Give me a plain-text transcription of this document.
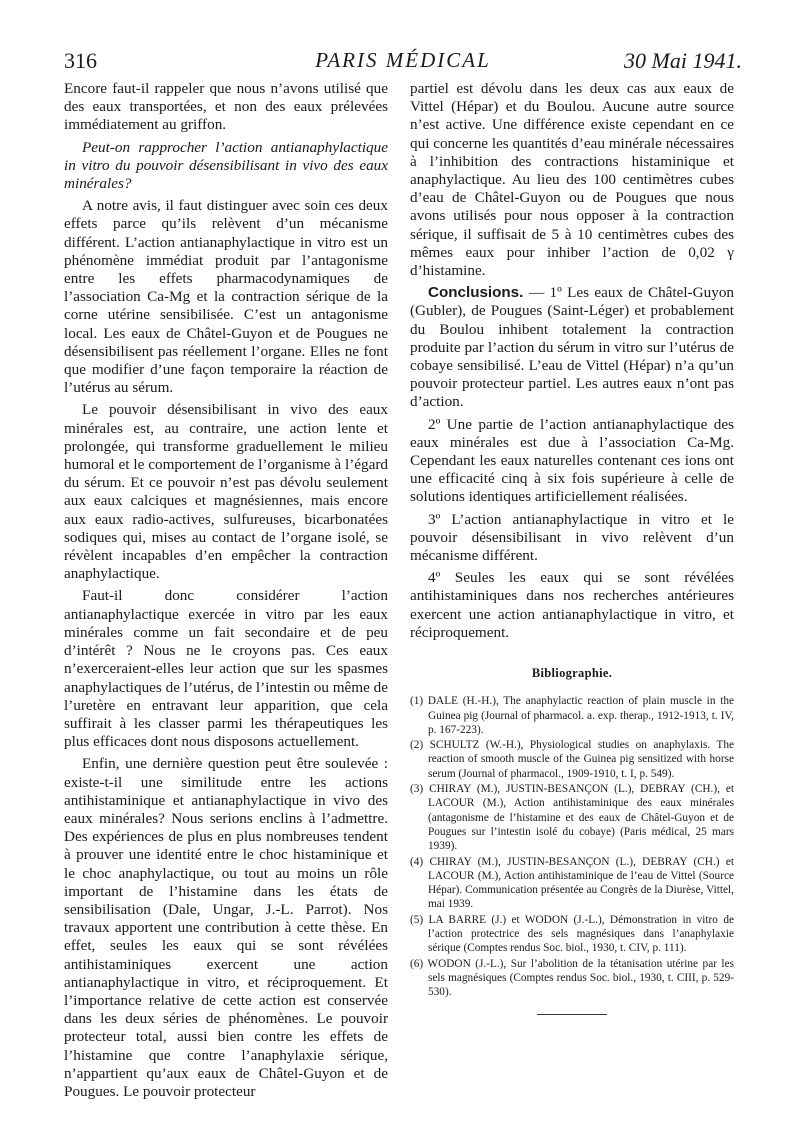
316	PARIS MÉDICAL	30 Mai 1941.

Encore faut-il rappeler que nous n’avons utilisé que des eaux transportées, et non des eaux prélevées immédiatement au griffon.

Peut-on rapprocher l’action antianaphylactique in vitro du pouvoir désensibilisant in vivo des eaux minérales?

A notre avis, il faut distinguer avec soin ces deux effets parce qu’ils relèvent d’un mécanisme différent. L’action antianaphylactique in vitro est un phénomène immédiat produit par l’antagonisme entre les effets pharmacodynamiques de l’association Ca-Mg et la contraction sérique de la corne utérine sensibilisée. C’est un antagonisme local. Les eaux de Châtel-Guyon et de Pougues ne désensibilisent pas réellement l’organe. Elles ne font que modifier d’une façon temporaire la réaction de l’utérus au sérum.

Le pouvoir désensibilisant in vivo des eaux minérales est, au contraire, une action lente et prolongée, qui transforme graduellement le milieu humoral et le comportement de l’organisme à l’égard du sérum. Et ce pouvoir n’est pas dévolu seulement aux eaux calciques et magnésiennes, mais encore aux eaux radio-actives, sulfureuses, bicarbonatées sodiques qui, mises au contact de l’organe isolé, se révèlent incapables d’en empêcher la contraction anaphylactique.

Faut-il donc considérer l’action antianaphylactique exercée in vitro par les eaux minérales comme un fait secondaire et de peu d’intérêt ? Nous ne le croyons pas. Ces eaux n’exerceraient-elles leur action que sur les spasmes anaphylactiques de l’utérus, de l’intestin ou même de l’uretère en entravant leur apparition, que cela suffirait à les classer parmi les thérapeutiques les plus efficaces dont nous disposons actuellement.

Enfin, une dernière question peut être soulevée : existe-t-il une similitude entre les actions antihistaminique et antianaphylactique in vivo des eaux minérales? Nous serions enclins à l’admettre. Des expériences de plus en plus nombreuses tendent à prouver une identité entre le choc histaminique et le choc anaphylactique, ou tout au moins un rôle important de l’histamine dans les états de sensibilisation (Dale, Ungar, J.-L. Parrot). Nos travaux apportent une contribution à cette thèse. En effet, seules les eaux qui se sont révélées antihistaminiques exercent une action antianaphylactique in vitro, et réciproquement. Et l’importance relative de cette action est conservée dans les deux séries de phénomènes. Le pouvoir protecteur total, aussi bien contre les effets de l’histamine que contre l’anaphylaxie sérique, n’appartient qu’aux eaux de Châtel-Guyon et de Pougues. Le pouvoir protecteur

partiel est dévolu dans les deux cas aux eaux de Vittel (Hépar) et du Boulou. Aucune autre source n’est active. Une différence existe cependant en ce qui concerne les quantités d’eau minérale nécessaires à l’inhibition des contractions histaminique et anaphylactique. Au lieu des 100 centimètres cubes d’eau de Châtel-Guyon ou de Pougues que nous avons utilisés pour nous opposer à la contraction sérique, il suffisait de 5 à 10 centimètres cubes des mêmes eaux pour inhiber l’action de 0,02 γ d’histamine.

Conclusions. — 1º Les eaux de Châtel-Guyon (Gubler), de Pougues (Saint-Léger) et probablement du Boulou inhibent totalement la contraction produite par l’action du sérum in vitro sur l’utérus de cobaye sensibilisé. L’eau de Vittel (Hépar) n’a qu’un pouvoir protecteur partiel. Les autres eaux n’ont pas d’action.

2º Une partie de l’action antianaphylactique des eaux minérales est due à l’association Ca-Mg. Cependant les eaux naturelles contenant ces ions ont une efficacité cinq à six fois supérieure à celle de solutions identiques artificiellement réalisées.

3º L’action antianaphylactique in vitro et le pouvoir désensibilisant in vivo relèvent d’un mécanisme différent.

4º Seules les eaux qui se sont révélées antihistaminiques dans nos recherches antérieures exercent une action antianaphylactique in vitro, et réciproquement.

Bibliographie.
(1) DALE (H.-H.), The anaphylactic reaction of plain muscle in the Guinea pig (Journal of pharmacol. a. exp. therap., 1912-1913, t. IV, p. 167-223).
(2) SCHULTZ (W.-H.), Physiological studies on anaphylaxis. The reaction of smooth muscle of the Guinea pig sensitized with horse serum (Journal of pharmacol., 1909-1910, t. I, p. 549).
(3) CHIRAY (M.), JUSTIN-BESANÇON (L.), DEBRAY (CH.), et LACOUR (M.), Action antihistaminique des eaux minérales (antagonisme de l’histamine et des eaux de Châtel-Guyon et de Pougues sur l’intestin isolé du cobaye) (Paris médical, 25 mars 1939).
(4) CHIRAY (M.), JUSTIN-BESANÇON (L.), DEBRAY (CH.) et LACOUR (M.), Action antihistaminique de l’eau de Vittel (Source Hépar). Communication présentée au Congrès de la Diurèse, Vittel, mai 1939.
(5) LA BARRE (J.) et WODON (J.-L.), Démonstration in vitro de l’action protectrice des sels magnésiques dans l’anaphylaxie sérique (Comptes rendus Soc. biol., 1930, t. CIV, p. 111).
(6) WODON (J.-L.), Sur l’abolition de la tétanisation utérine par les sels magnésiques (Comptes rendus Soc. biol., 1930, t. CIII, p. 529-530).
